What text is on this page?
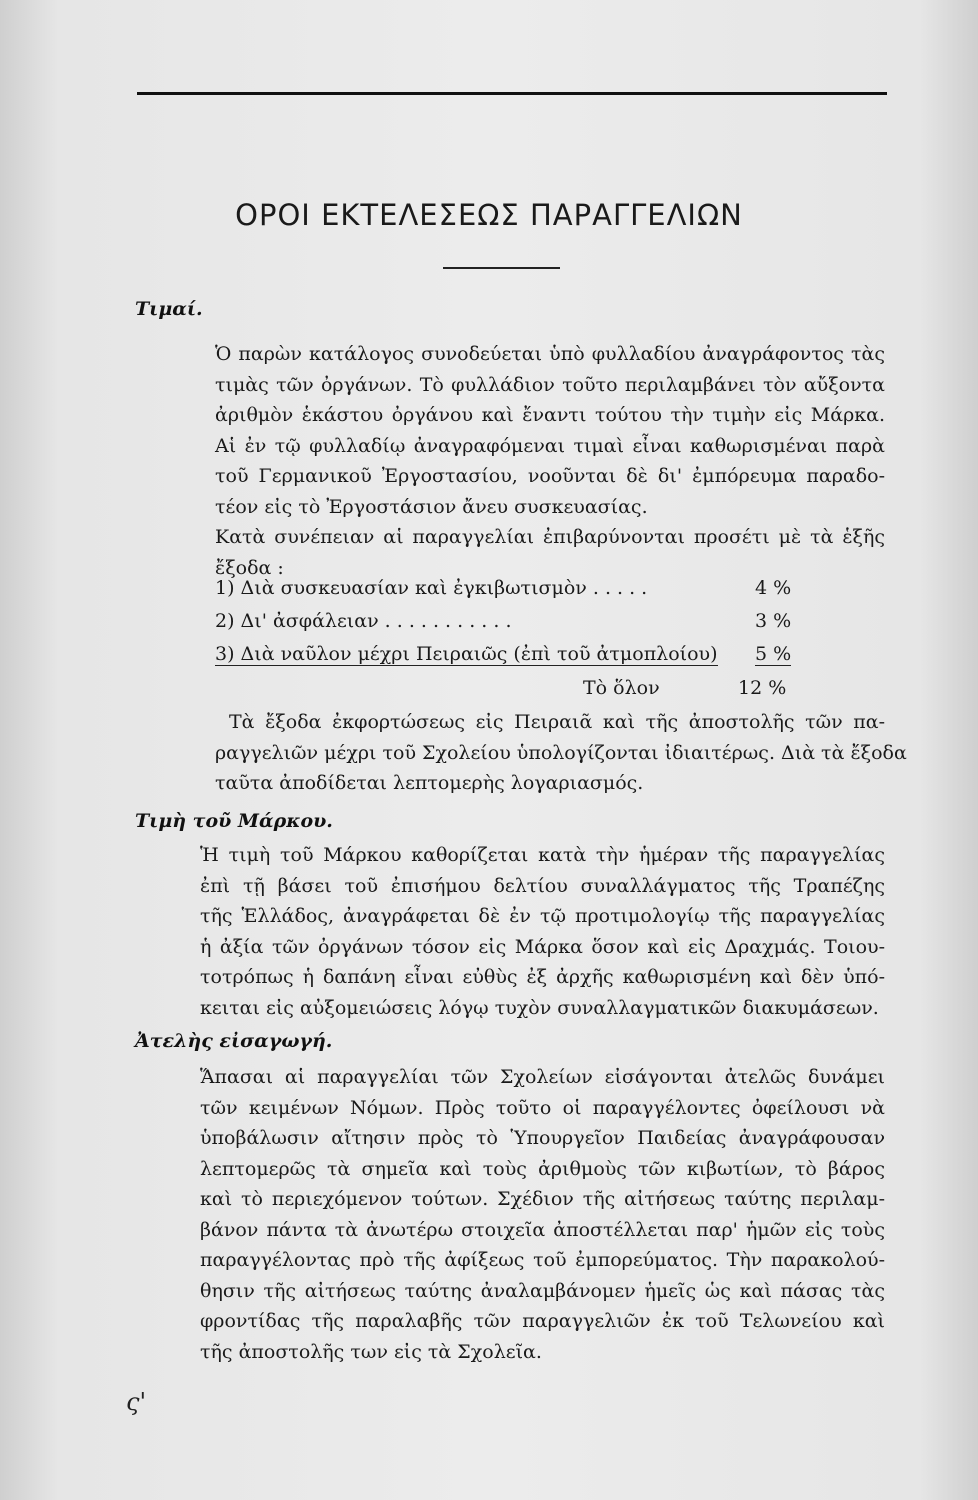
ΟΡΟΙ ΕΚΤΕΛΕΣΕΩΣ ΠΑΡΑΓΓΕΛΙΩΝ
Τιμαί.
Ὁ παρὼν κατάλογος συνοδεύεται ὑπὸ φυλλαδίου ἀναγράφοντος τὰς
τιμὰς τῶν ὀργάνων. Τὸ φυλλάδιον τοῦτο περιλαμβάνει τὸν αὔξοντα
ἀριθμὸν ἑκάστου ὀργάνου καὶ ἔναντι τούτου τὴν τιμὴν εἰς Μάρκα.
Αἱ ἐν τῷ φυλλαδίῳ ἀναγραφόμεναι τιμαὶ εἶναι καθωρισμέναι παρὰ
τοῦ Γερμανικοῦ Ἐργοστασίου, νοοῦνται δὲ δι' ἐμπόρευμα παραδο-
τέον εἰς τὸ Ἐργοστάσιον ἄνευ συσκευασίας.
Κατὰ συνέπειαν αἱ παραγγελίαι ἐπιβαρύνονται προσέτι μὲ τὰ ἑξῆς
ἔξοδα :
1) Διὰ συσκευασίαν καὶ ἐγκιβωτισμὸν . . . . .	4 %
2) Δι' ἀσφάλειαν . . . . . . . . . . .	3 %
3) Διὰ ναῦλον μέχρι Πειραιῶς (ἐπὶ τοῦ ἀτμοπλοίου) 5 %
Τὸ ὅλον	12 %
Τὰ ἔξοδα ἐκφορτώσεως εἰς Πειραιᾶ καὶ τῆς ἀποστολῆς τῶν πα-
ραγγελιῶν μέχρι τοῦ Σχολείου ὑπολογίζονται ἰδιαιτέρως. Διὰ τὰ ἔξοδα
ταῦτα ἀποδίδεται λεπτομερὴς λογαριασμός.
Τιμὴ τοῦ Μάρκου.
Ἡ τιμὴ τοῦ Μάρκου καθορίζεται κατὰ τὴν ἡμέραν τῆς παραγγελίας
ἐπὶ τῇ βάσει τοῦ ἐπισήμου δελτίου συναλλάγματος τῆς Τραπέζης
τῆς Ἑλλάδος, ἀναγράφεται δὲ ἐν τῷ προτιμολογίῳ τῆς παραγγελίας
ἡ ἀξία τῶν ὀργάνων τόσον εἰς Μάρκα ὅσον καὶ εἰς Δραχμάς. Τοιου-
τοτρόπως ἡ δαπάνη εἶναι εὐθὺς ἐξ ἀρχῆς καθωρισμένη καὶ δὲν ὑπό-
κειται εἰς αὐξομειώσεις λόγῳ τυχὸν συναλλαγματικῶν διακυμάσεων.
Ἀτελὴς εἰσαγωγή.
Ἅπασαι αἱ παραγγελίαι τῶν Σχολείων εἰσάγονται ἀτελῶς δυνάμει
τῶν κειμένων Νόμων. Πρὸς τοῦτο οἱ παραγγέλοντες ὀφείλουσι νὰ
ὑποβάλωσιν αἴτησιν πρὸς τὸ Ὑπουργεῖον Παιδείας ἀναγράφουσαν
λεπτομερῶς τὰ σημεῖα καὶ τοὺς ἀριθμοὺς τῶν κιβωτίων, τὸ βάρος
καὶ τὸ περιεχόμενον τούτων. Σχέδιον τῆς αἰτήσεως ταύτης περιλαμ-
βάνον πάντα τὰ ἀνωτέρω στοιχεῖα ἀποστέλλεται παρ' ἡμῶν εἰς τοὺς
παραγγέλοντας πρὸ τῆς ἀφίξεως τοῦ ἐμπορεύματος. Τὴν παρακολού-
θησιν τῆς αἰτήσεως ταύτης ἀναλαμβάνομεν ἡμεῖς ὡς καὶ πάσας τὰς
φροντίδας τῆς παραλαβῆς τῶν παραγγελιῶν ἐκ τοῦ Τελωνείου καὶ
τῆς ἀποστολῆς των εἰς τὰ Σχολεῖα.
ς'
